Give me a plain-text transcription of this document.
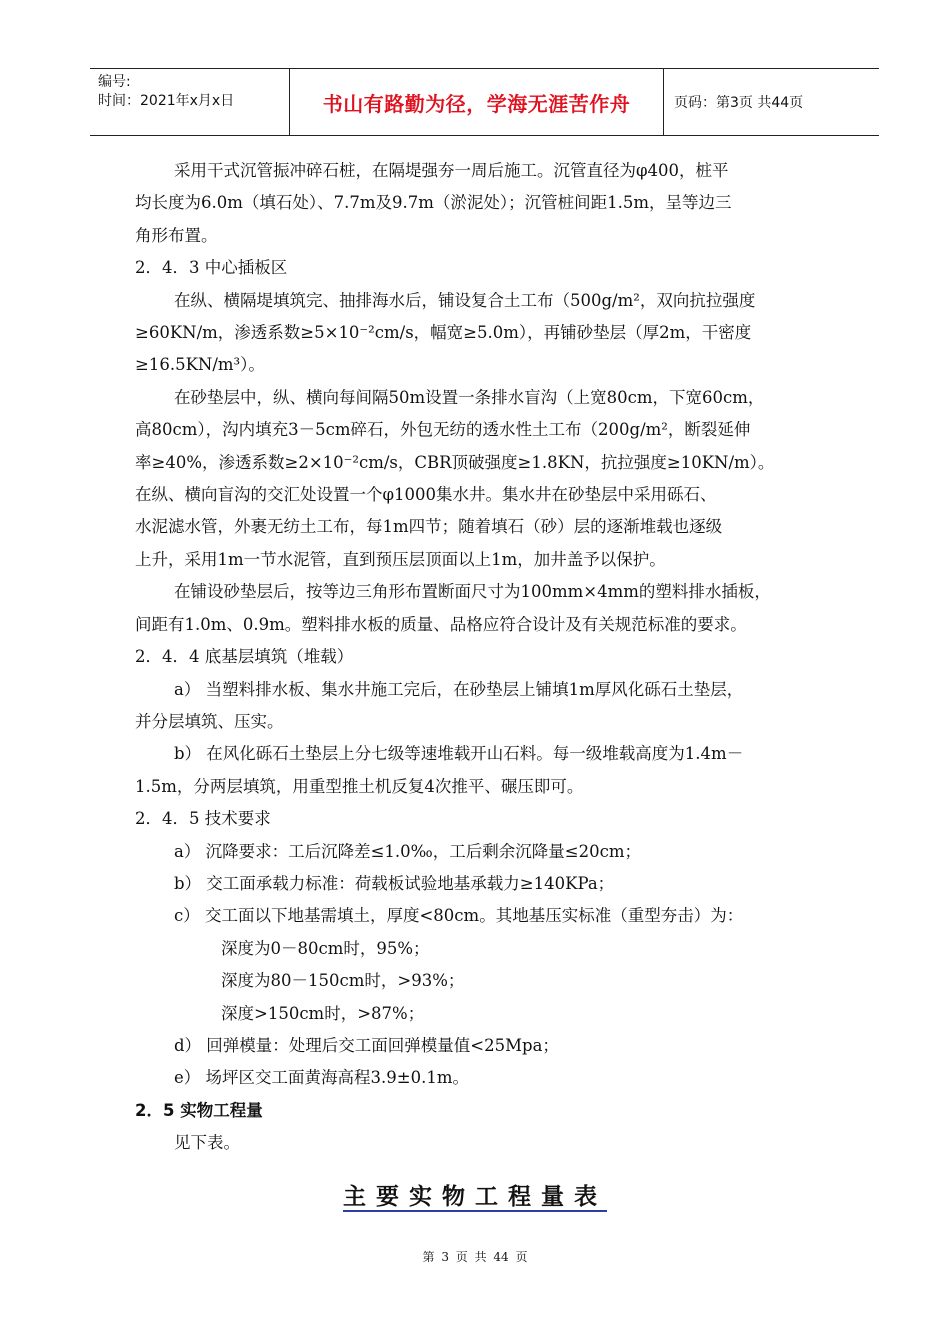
编号:
时间：2021年x月x日	书山有路勤为径，学海无涯苦作舟	页码：第3页 共44页

采用干式沉管振冲碎石桩，在隔堤强夯一周后施工。沉管直径为φ400，桩平

均长度为6.0m（填石处）、7.7m及9.7m（淤泥处）；沉管桩间距1.5m，呈等边三

角形布置。

2．4．3 中心插板区

在纵、横隔堤填筑完、抽排海水后，铺设复合土工布（500g/m²，双向抗拉强度

≥60KN/m，渗透系数≥5×10⁻²cm/s，幅宽≥5.0m），再铺砂垫层（厚2m，干密度

≥16.5KN/m³）。

在砂垫层中，纵、横向每间隔50m设置一条排水盲沟（上宽80cm，下宽60cm，

高80cm），沟内填充3－5cm碎石，外包无纺的透水性土工布（200g/m²，断裂延伸

率≥40%，渗透系数≥2×10⁻²cm/s，CBR顶破强度≥1.8KN，抗拉强度≥10KN/m）。

在纵、横向盲沟的交汇处设置一个φ1000集水井。集水井在砂垫层中采用砾石、

水泥滤水管，外裹无纺土工布，每1m四节；随着填石（砂）层的逐渐堆载也逐级

上升，采用1m一节水泥管，直到预压层顶面以上1m，加井盖予以保护。

在铺设砂垫层后，按等边三角形布置断面尺寸为100mm×4mm的塑料排水插板，

间距有1.0m、0.9m。塑料排水板的质量、品格应符合设计及有关规范标准的要求。

2．4．4 底基层填筑（堆载）

a） 当塑料排水板、集水井施工完后，在砂垫层上铺填1m厚风化砾石土垫层，

并分层填筑、压实。

b） 在风化砾石土垫层上分七级等速堆载开山石料。每一级堆载高度为1.4m－

1.5m，分两层填筑，用重型推土机反复4次推平、碾压即可。

2．4．5 技术要求

a） 沉降要求：工后沉降差≤1.0‰，工后剩余沉降量≤20cm；

b） 交工面承载力标准：荷载板试验地基承载力≥140KPa；

c） 交工面以下地基需填土，厚度<80cm。其地基压实标准（重型夯击）为：

深度为0－80cm时，95%；

深度为80－150cm时，>93%；

深度>150cm时，>87%；

d） 回弹模量：处理后交工面回弹模量值<25Mpa；

e） 场坪区交工面黄海高程3.9±0.1m。

2．5 实物工程量

见下表。

主要实物工程量表
第 3 页 共 44 页
